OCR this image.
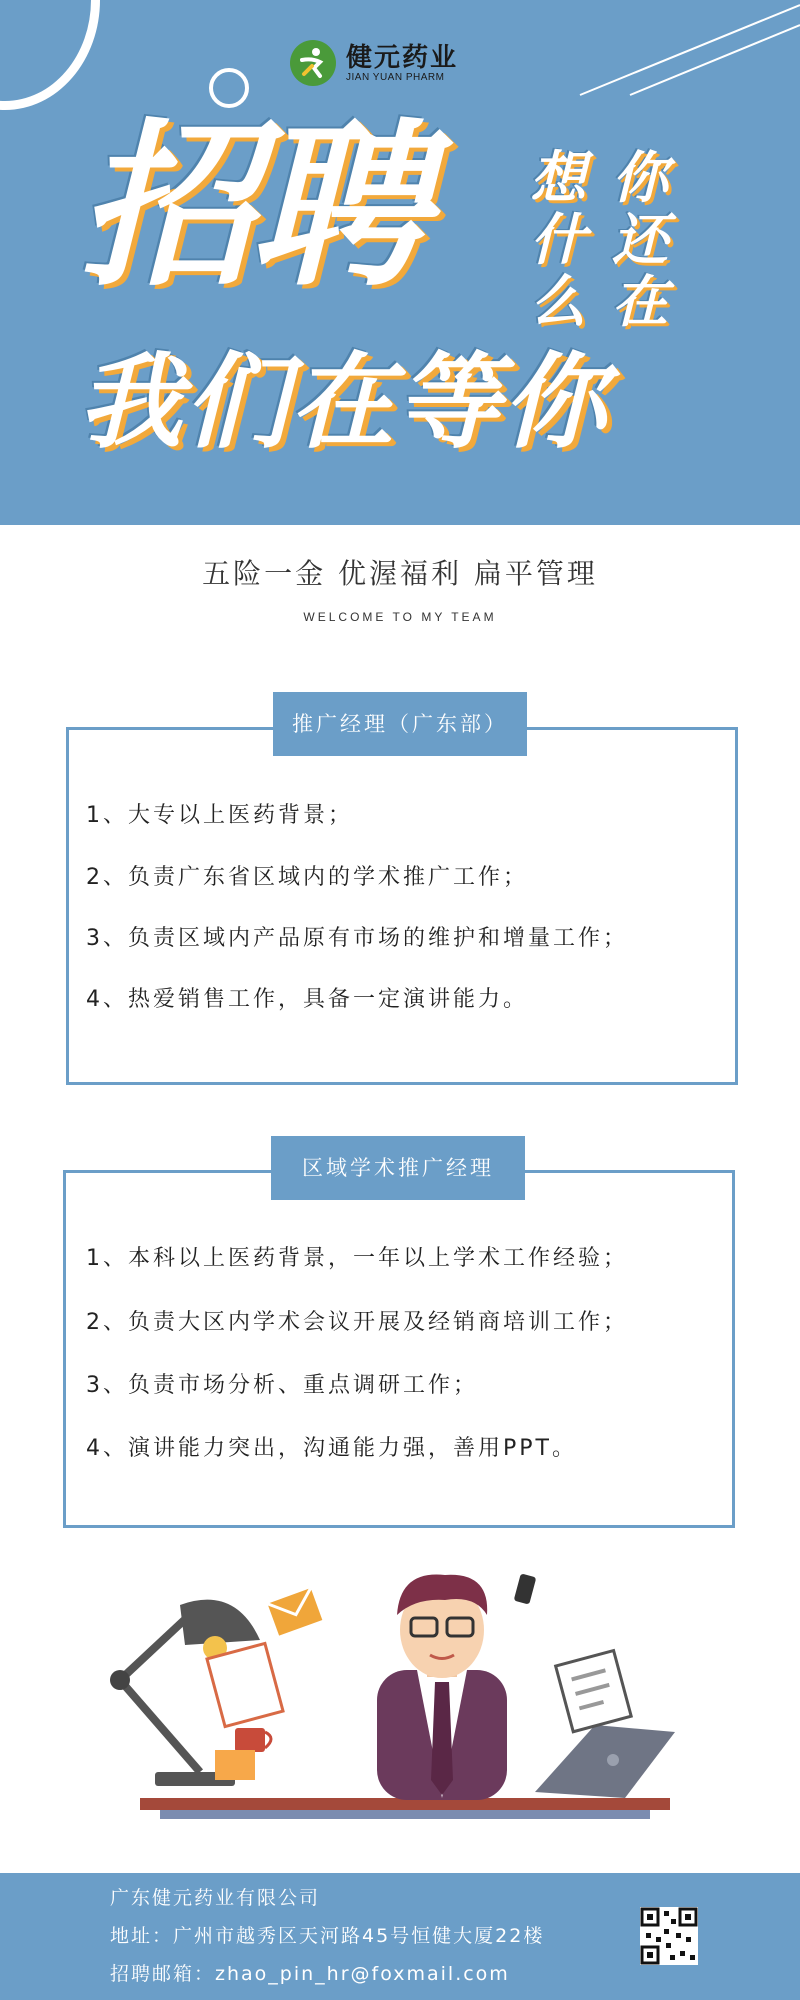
健元药业
JIAN YUAN PHARM
招聘 想
什
么
你
还
在
我们在等你
五险一金 优渥福利 扁平管理
WELCOME TO MY TEAM
推广经理（广东部）
1、大专以上医药背景；
2、负责广东省区域内的学术推广工作；
3、负责区域内产品原有市场的维护和增量工作；
4、热爱销售工作，具备一定演讲能力。
区域学术推广经理
1、本科以上医药背景，一年以上学术工作经验；
2、负责大区内学术会议开展及经销商培训工作；
3、负责市场分析、重点调研工作；
4、演讲能力突出，沟通能力强，善用PPT。
广东健元药业有限公司
地址：广州市越秀区天河路45号恒健大厦22楼
招聘邮箱：zhao_pin_hr@foxmail.com
